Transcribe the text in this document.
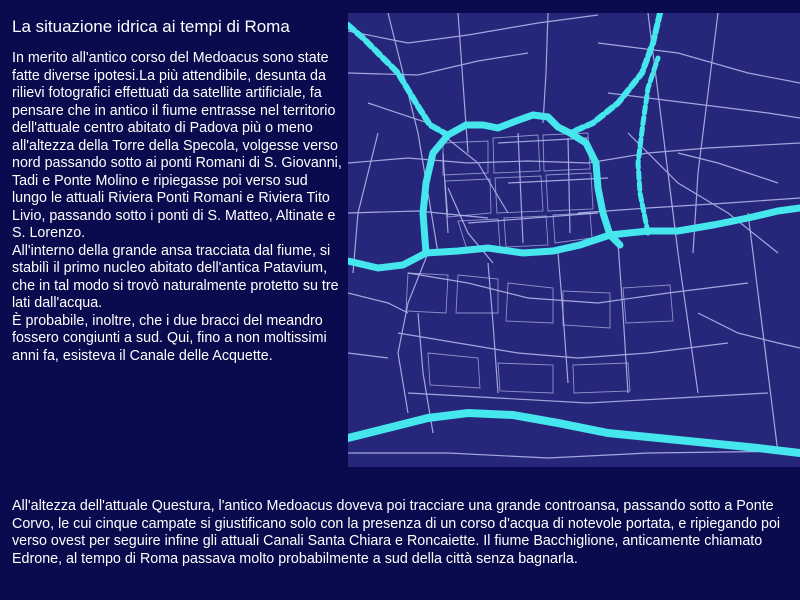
La situazione idrica ai tempi di Roma

In merito all'antico corso del Medoacus sono state fatte diverse ipotesi.La più attendibile, desunta da rilievi fotografici effettuati da satellite artificiale, fa pensare che in antico il fiume entrasse nel territorio dell'attuale centro abitato di Padova più o meno all'altezza della Torre della Specola, volgesse verso nord passando sotto ai ponti Romani di S. Giovanni, Tadi e Ponte Molino e ripiegasse poi verso sud lungo le attuali Riviera Ponti Romani e Riviera Tito Livio, passando sotto i ponti di S. Matteo, Altinate e S. Lorenzo.

All'interno della grande ansa tracciata dal fiume, si stabilì il primo nucleo abitato dell'antica Patavium, che in tal modo si trovò naturalmente protetto su tre lati dall'acqua.

È probabile, inoltre, che i due bracci del meandro fossero congiunti a sud. Qui, fino a non moltissimi anni fa, esisteva il Canale delle Acquette.

All'altezza dell'attuale Questura, l'antico Medoacus doveva poi tracciare una grande controansa, passando sotto a Ponte Corvo, le cui cinque campate si giustificano solo con la presenza di un corso d'acqua di notevole portata, e ripiegando poi verso ovest per seguire infine gli attuali Canali Santa Chiara e Roncaiette. Il fiume Bacchiglione, anticamente chiamato Edrone, al tempo di Roma passava molto probabilmente a sud della città senza bagnarla.
